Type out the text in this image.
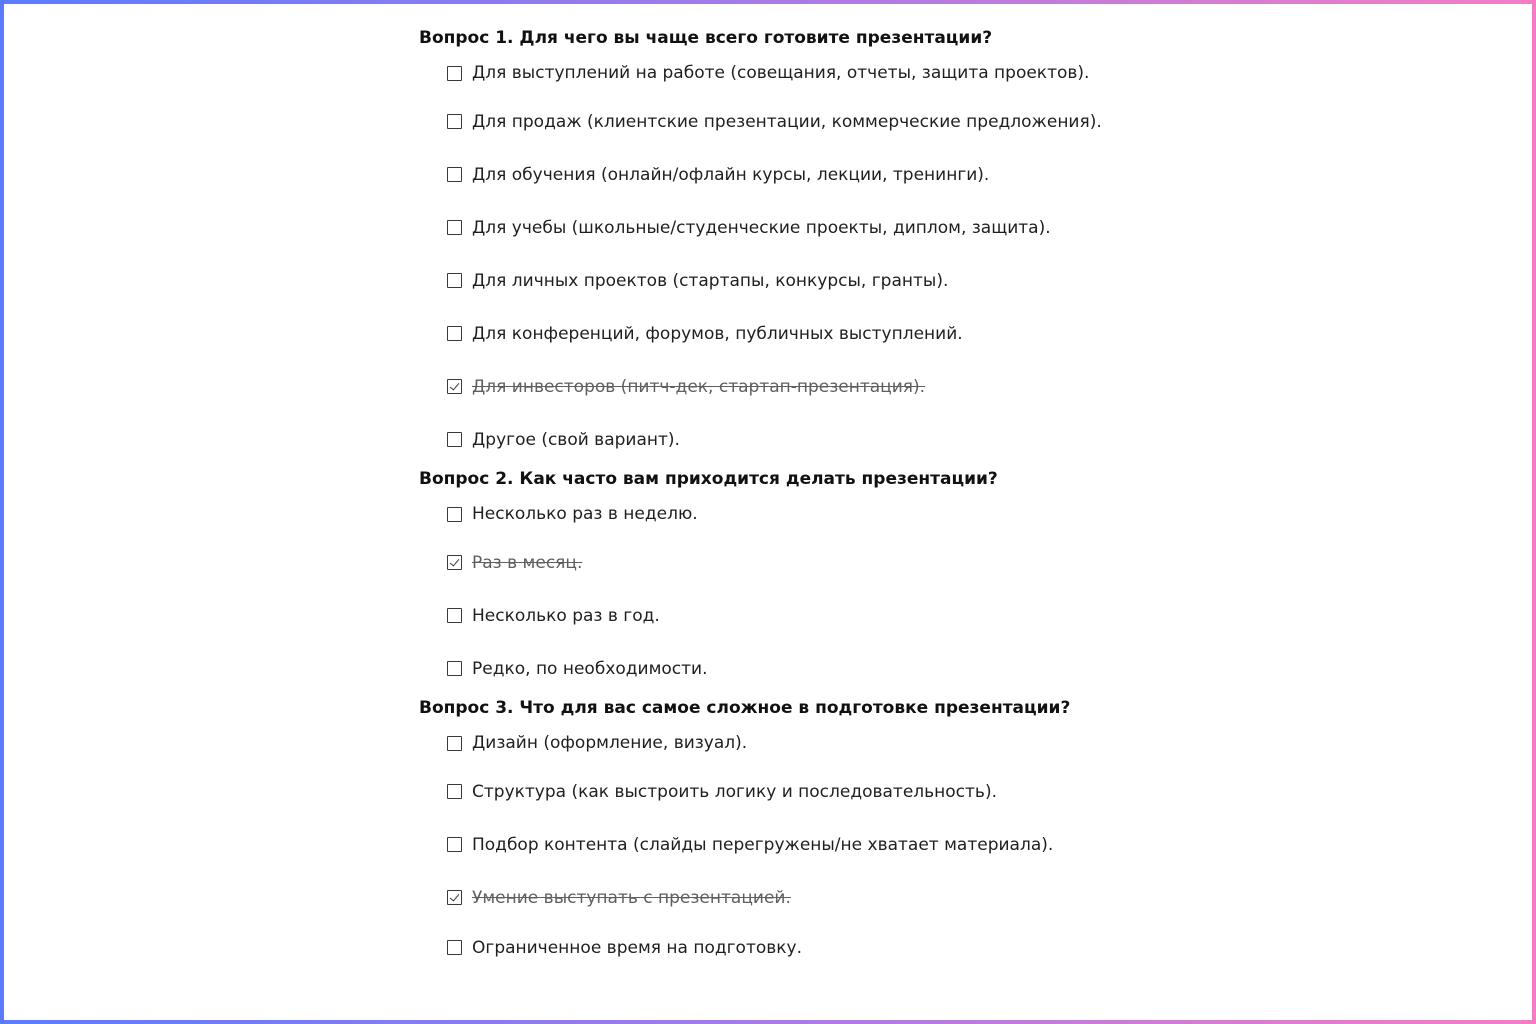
Вопрос 1. Для чего вы чаще всего готовите презентации?
Для выступлений на работе (совещания, отчеты, защита проектов).
Для продаж (клиентские презентации, коммерческие предложения).
Для обучения (онлайн/офлайн курсы, лекции, тренинги).
Для учебы (школьные/студенческие проекты, диплом, защита).
Для личных проектов (стартапы, конкурсы, гранты).
Для конференций, форумов, публичных выступлений.
Для инвесторов (питч-дек, стартап-презентация).
Другое (свой вариант).
Вопрос 2. Как часто вам приходится делать презентации?
Несколько раз в неделю.
Раз в месяц.
Несколько раз в год.
Редко, по необходимости.
Вопрос 3. Что для вас самое сложное в подготовке презентации?
Дизайн (оформление, визуал).
Структура (как выстроить логику и последовательность).
Подбор контента (слайды перегружены/не хватает материала).
Умение выступать с презентацией.
Ограниченное время на подготовку.
